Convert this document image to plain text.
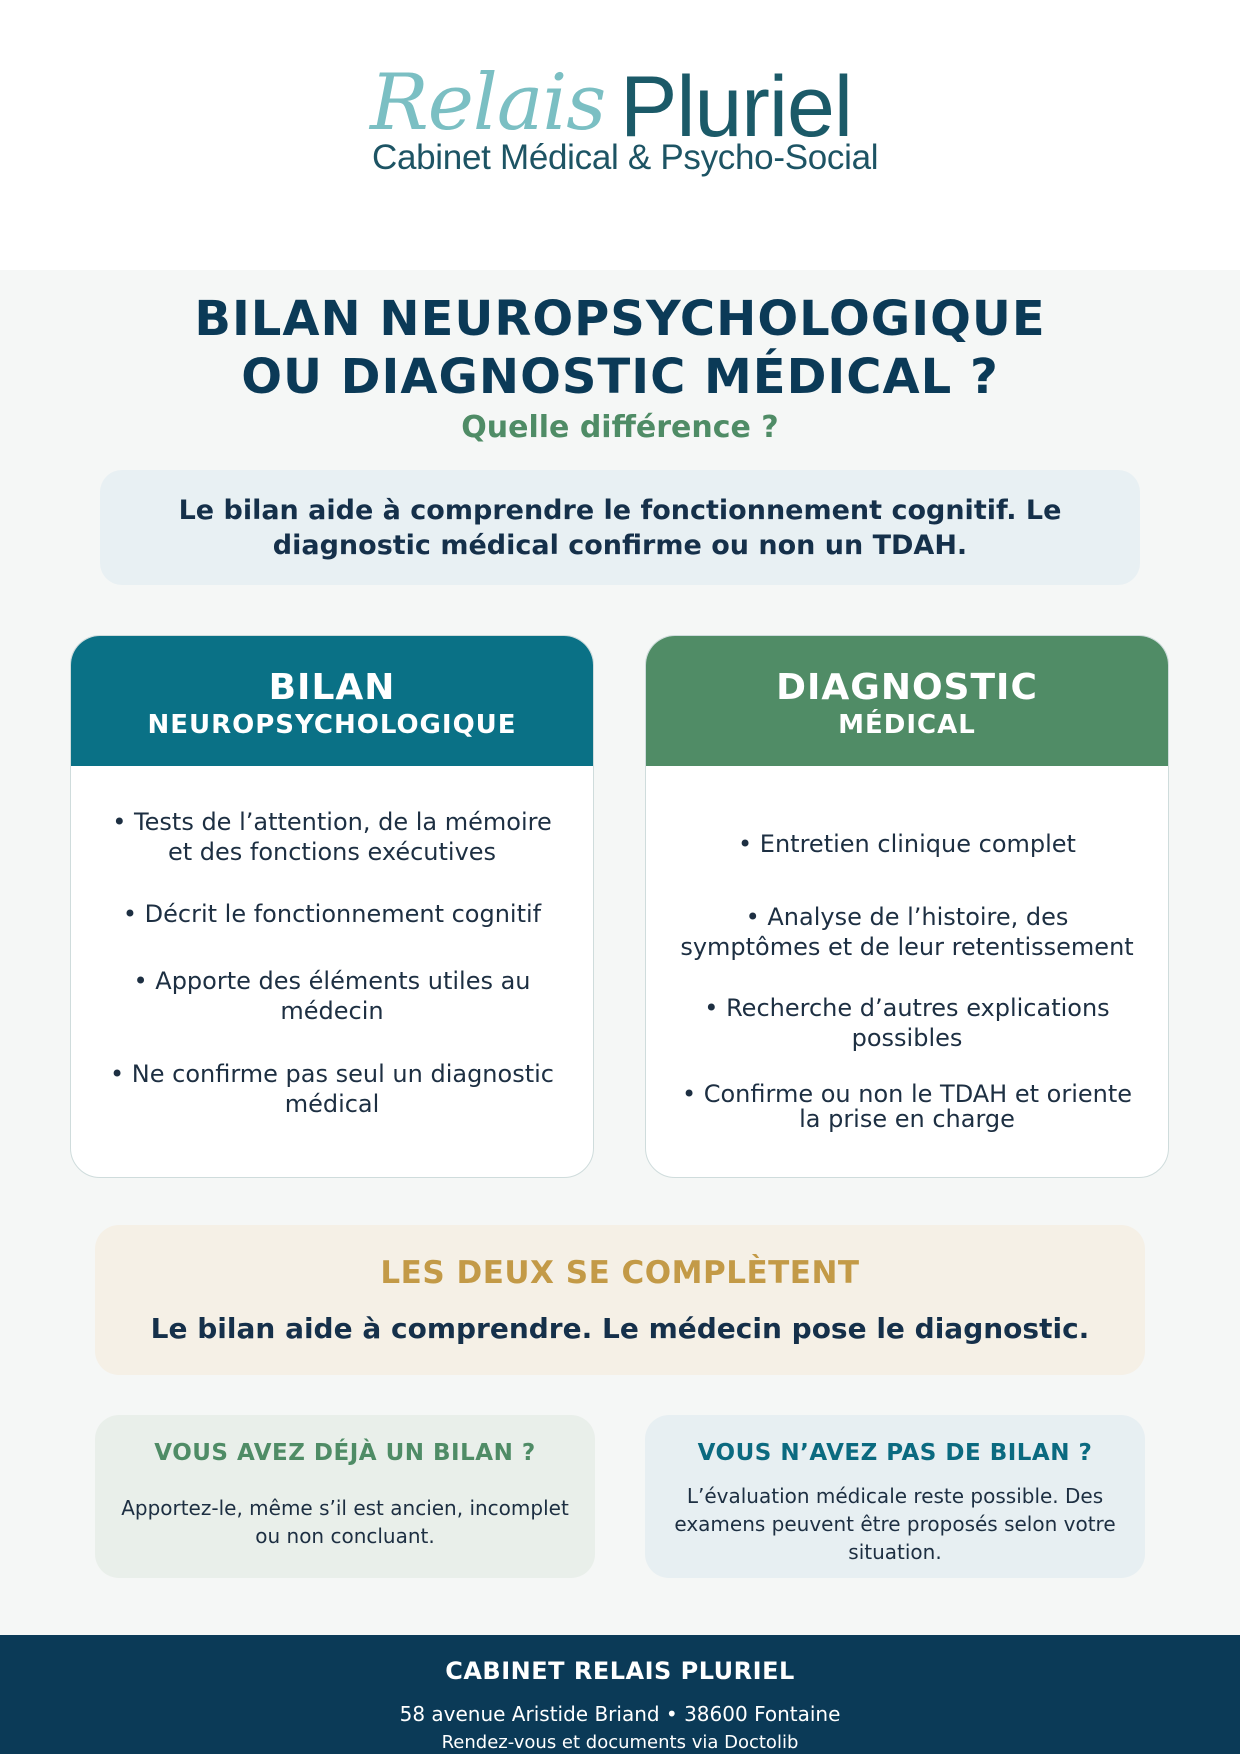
Relais Pluriel
Cabinet Médical & Psycho-Social
BILAN NEUROPSYCHOLOGIQUE
OU DIAGNOSTIC MÉDICAL ?
Quelle différence ?
Le bilan aide à comprendre le fonctionnement cognitif. Le diagnostic médical confirme ou non un TDAH.
BILAN
NEUROPSYCHOLOGIQUE
• Tests de l’attention, de la mémoire et des fonctions exécutives
• Décrit le fonctionnement cognitif
• Apporte des éléments utiles au médecin
• Ne confirme pas seul un diagnostic médical
DIAGNOSTIC
MÉDICAL
• Entretien clinique complet
• Analyse de l’histoire, des symptômes et de leur retentissement
• Recherche d’autres explications possibles
• Confirme ou non le TDAH et oriente la prise en charge
LES DEUX SE COMPLÈTENT
Le bilan aide à comprendre. Le médecin pose le diagnostic.
VOUS AVEZ DÉJÀ UN BILAN ?
Apportez-le, même s’il est ancien, incomplet ou non concluant.
VOUS N’AVEZ PAS DE BILAN ?
L’évaluation médicale reste possible. Des examens peuvent être proposés selon votre situation.
CABINET RELAIS PLURIEL
58 avenue Aristide Briand • 38600 Fontaine
Rendez-vous et documents via Doctolib
